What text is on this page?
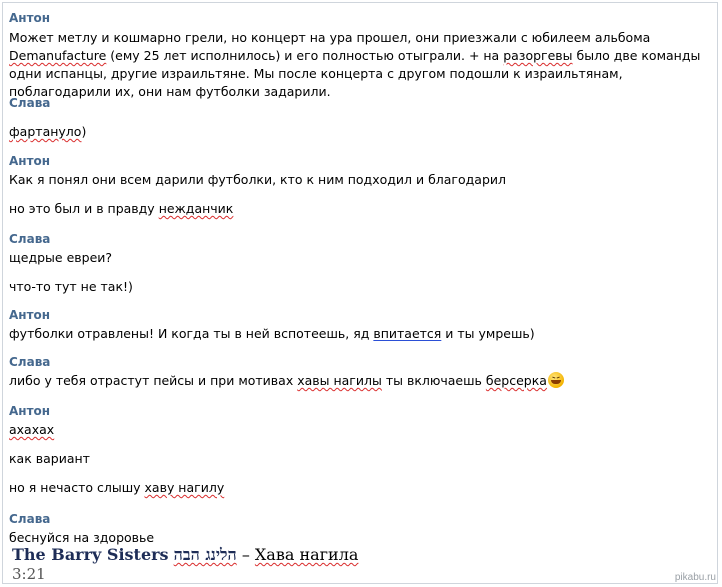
Антон
Может метлу и кошмарно грели, но концерт на ура прошел, они приезжали с юбилеем альбома Demanufacture (ему 25 лет исполнилось) и его полностью отыграли. + на разоргевы было две команды одни испанцы, другие израильтяне. Мы после концерта с другом подошли к израильтянам, поблагодарили их, они нам футболки задарили.
Слава
фартануло)
Антон
Как я понял они всем дарили футболки, кто к ним подходил и благодарил
но это был и в правду нежданчик
Слава
щедрые евреи?
что-то тут не так!)
Антон
футболки отравлены! И когда ты в ней вспотеешь, яд впитается и ты умрешь)
Слава
либо у тебя отрастут пейсы и при мотивах хавы нагилы ты включаешь берсерка
Антон
ахахах
как вариант
но я нечасто слышу хаву нагилу
Слава
беснуйся на здоровье
The Barry Sisters הלינג הבה – Хава нагила
3:21	pikabu.ru
